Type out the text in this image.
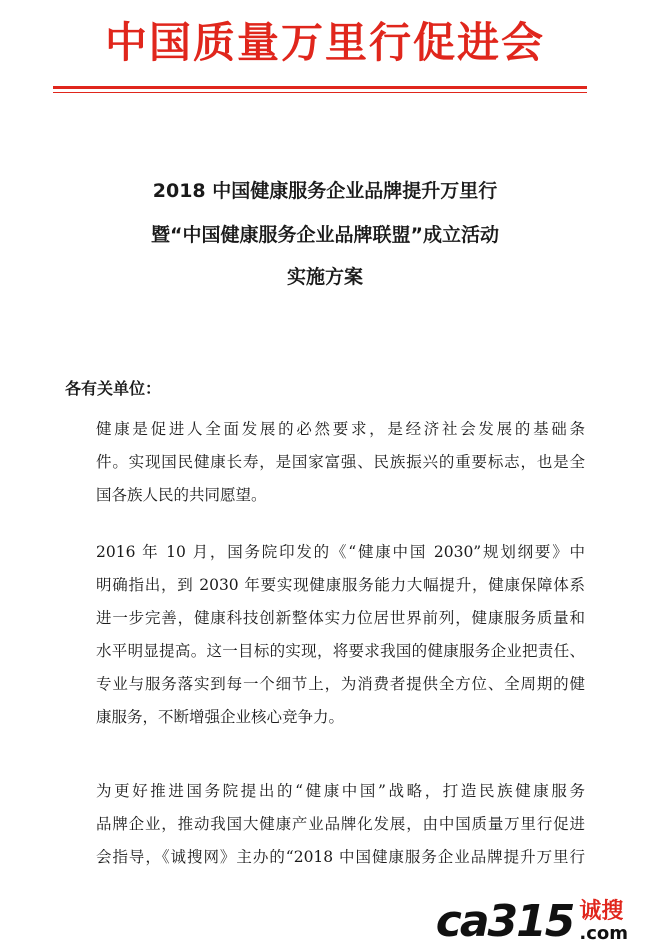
中国质量万里行促进会
2018 中国健康服务企业品牌提升万里行
暨“中国健康服务企业品牌联盟”成立活动
实施方案
各有关单位：

健康是促进人全面发展的必然要求，是经济社会发展的基础条
件。实现国民健康长寿，是国家富强、民族振兴的重要标志，也是全
国各族人民的共同愿望。

2016 年 10 月，国务院印发的《“健康中国 2030”规划纲要》中
明确指出，到 2030 年要实现健康服务能力大幅提升，健康保障体系
进一步完善，健康科技创新整体实力位居世界前列，健康服务质量和
水平明显提高。这一目标的实现，将要求我国的健康服务企业把责任、
专业与服务落实到每一个细节上，为消费者提供全方位、全周期的健
康服务，不断增强企业核心竞争力。

为更好推进国务院提出的“健康中国”战略，打造民族健康服务
品牌企业，推动我国大健康产业品牌化发展，由中国质量万里行促进
会指导，《诚搜网》主办的“2018 中国健康服务企业品牌提升万里行

ca315 诚搜
.com
